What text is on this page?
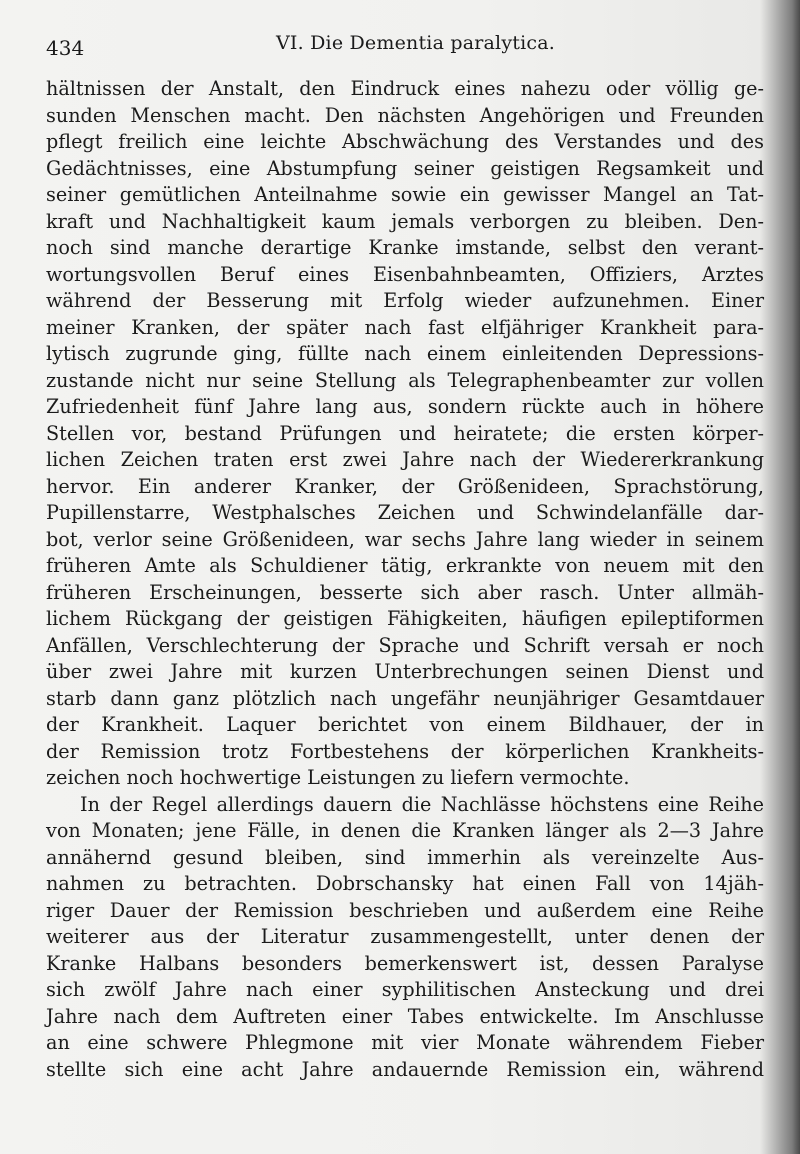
434	VI. Die Dementia paralytica.
hältnissen der Anstalt, den Eindruck eines nahezu oder völlig ge-
sunden Menschen macht. Den nächsten Angehörigen und Freunden
pflegt freilich eine leichte Abschwächung des Verstandes und des
Gedächtnisses, eine Abstumpfung seiner geistigen Regsamkeit und
seiner gemütlichen Anteilnahme sowie ein gewisser Mangel an Tat-
kraft und Nachhaltigkeit kaum jemals verborgen zu bleiben. Den-
noch sind manche derartige Kranke imstande, selbst den verant-
wortungsvollen Beruf eines Eisenbahnbeamten, Offiziers, Arztes
während der Besserung mit Erfolg wieder aufzunehmen. Einer
meiner Kranken, der später nach fast elfjähriger Krankheit para-
lytisch zugrunde ging, füllte nach einem einleitenden Depressions-
zustande nicht nur seine Stellung als Telegraphenbeamter zur vollen
Zufriedenheit fünf Jahre lang aus, sondern rückte auch in höhere
Stellen vor, bestand Prüfungen und heiratete; die ersten körper-
lichen Zeichen traten erst zwei Jahre nach der Wiedererkrankung
hervor. Ein anderer Kranker, der Größenideen, Sprachstörung,
Pupillenstarre, Westphalsches Zeichen und Schwindelanfälle dar-
bot, verlor seine Größenideen, war sechs Jahre lang wieder in seinem
früheren Amte als Schuldiener tätig, erkrankte von neuem mit den
früheren Erscheinungen, besserte sich aber rasch. Unter allmäh-
lichem Rückgang der geistigen Fähigkeiten, häufigen epileptiformen
Anfällen, Verschlechterung der Sprache und Schrift versah er noch
über zwei Jahre mit kurzen Unterbrechungen seinen Dienst und
starb dann ganz plötzlich nach ungefähr neunjähriger Gesamtdauer
der Krankheit. Laquer berichtet von einem Bildhauer, der in
der Remission trotz Fortbestehens der körperlichen Krankheits-
zeichen noch hochwertige Leistungen zu liefern vermochte.
In der Regel allerdings dauern die Nachlässe höchstens eine Reihe
von Monaten; jene Fälle, in denen die Kranken länger als 2—3 Jahre
annähernd gesund bleiben, sind immerhin als vereinzelte Aus-
nahmen zu betrachten. Dobrschansky hat einen Fall von 14jäh-
riger Dauer der Remission beschrieben und außerdem eine Reihe
weiterer aus der Literatur zusammengestellt, unter denen der
Kranke Halbans besonders bemerkenswert ist, dessen Paralyse
sich zwölf Jahre nach einer syphilitischen Ansteckung und drei
Jahre nach dem Auftreten einer Tabes entwickelte. Im Anschlusse
an eine schwere Phlegmone mit vier Monate währendem Fieber
stellte sich eine acht Jahre andauernde Remission ein, während
